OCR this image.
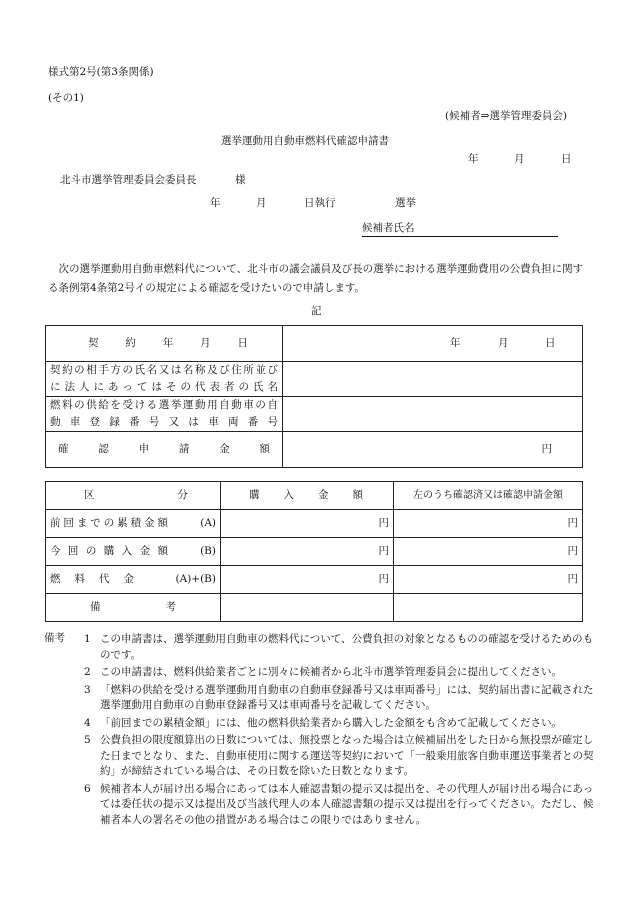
様式第2号(第3条関係)
(その1)
(候補者⇒選挙管理委員会)
選挙運動用自動車燃料代確認申請書
年	月	日
北斗市選挙管理委員会委員長	様
年	月	日執行	選挙
候補者氏名
次の選挙運動用自動車燃料代について、北斗市の議会議員及び長の選挙における選挙運動費用の公費負担に関する条例第4条第2号イの規定による確認を受けたいので申請します。
記
契約年月日	年 月 日

契約の相手方の氏名又は名称及び住所並び
に法人にあってはその代表者の氏名	

燃料の供給を受ける選挙運動用自動車の自
動車登録番号又は車両番号	

確認申請金額	円
区分	購入金額	左のうち確認済又は確認申請金額

前回までの累積金額 (A)	円	円

今回の購入金額 (B)	円	円

燃料代金 (A)+(B)	円	円

備考		

備考 1 この申請書は、選挙運動用自動車の燃料代について、公費負担の対象となるものの確認を受けるためのものです。
2 この申請書は、燃料供給業者ごとに別々に候補者から北斗市選挙管理委員会に提出してください。
3 「燃料の供給を受ける選挙運動用自動車の自動車登録番号又は車両番号」には、契約届出書に記載された選挙運動用自動車の自動車登録番号又は車両番号を記載してください。
4 「前回までの累積金額」には、他の燃料供給業者から購入した金額をも含めて記載してください。
5 公費負担の限度額算出の日数については、無投票となった場合は立候補届出をした日から無投票が確定した日までとなり、また、自動車使用に関する運送等契約において「一般乗用旅客自動車運送事業者との契約」が締結されている場合は、その日数を除いた日数となります。
6 候補者本人が届け出る場合にあっては本人確認書類の提示又は提出を、その代理人が届け出る場合にあっては委任状の提示又は提出及び当該代理人の本人確認書類の提示又は提出を行ってください。ただし、候補者本人の署名その他の措置がある場合はこの限りではありません。
